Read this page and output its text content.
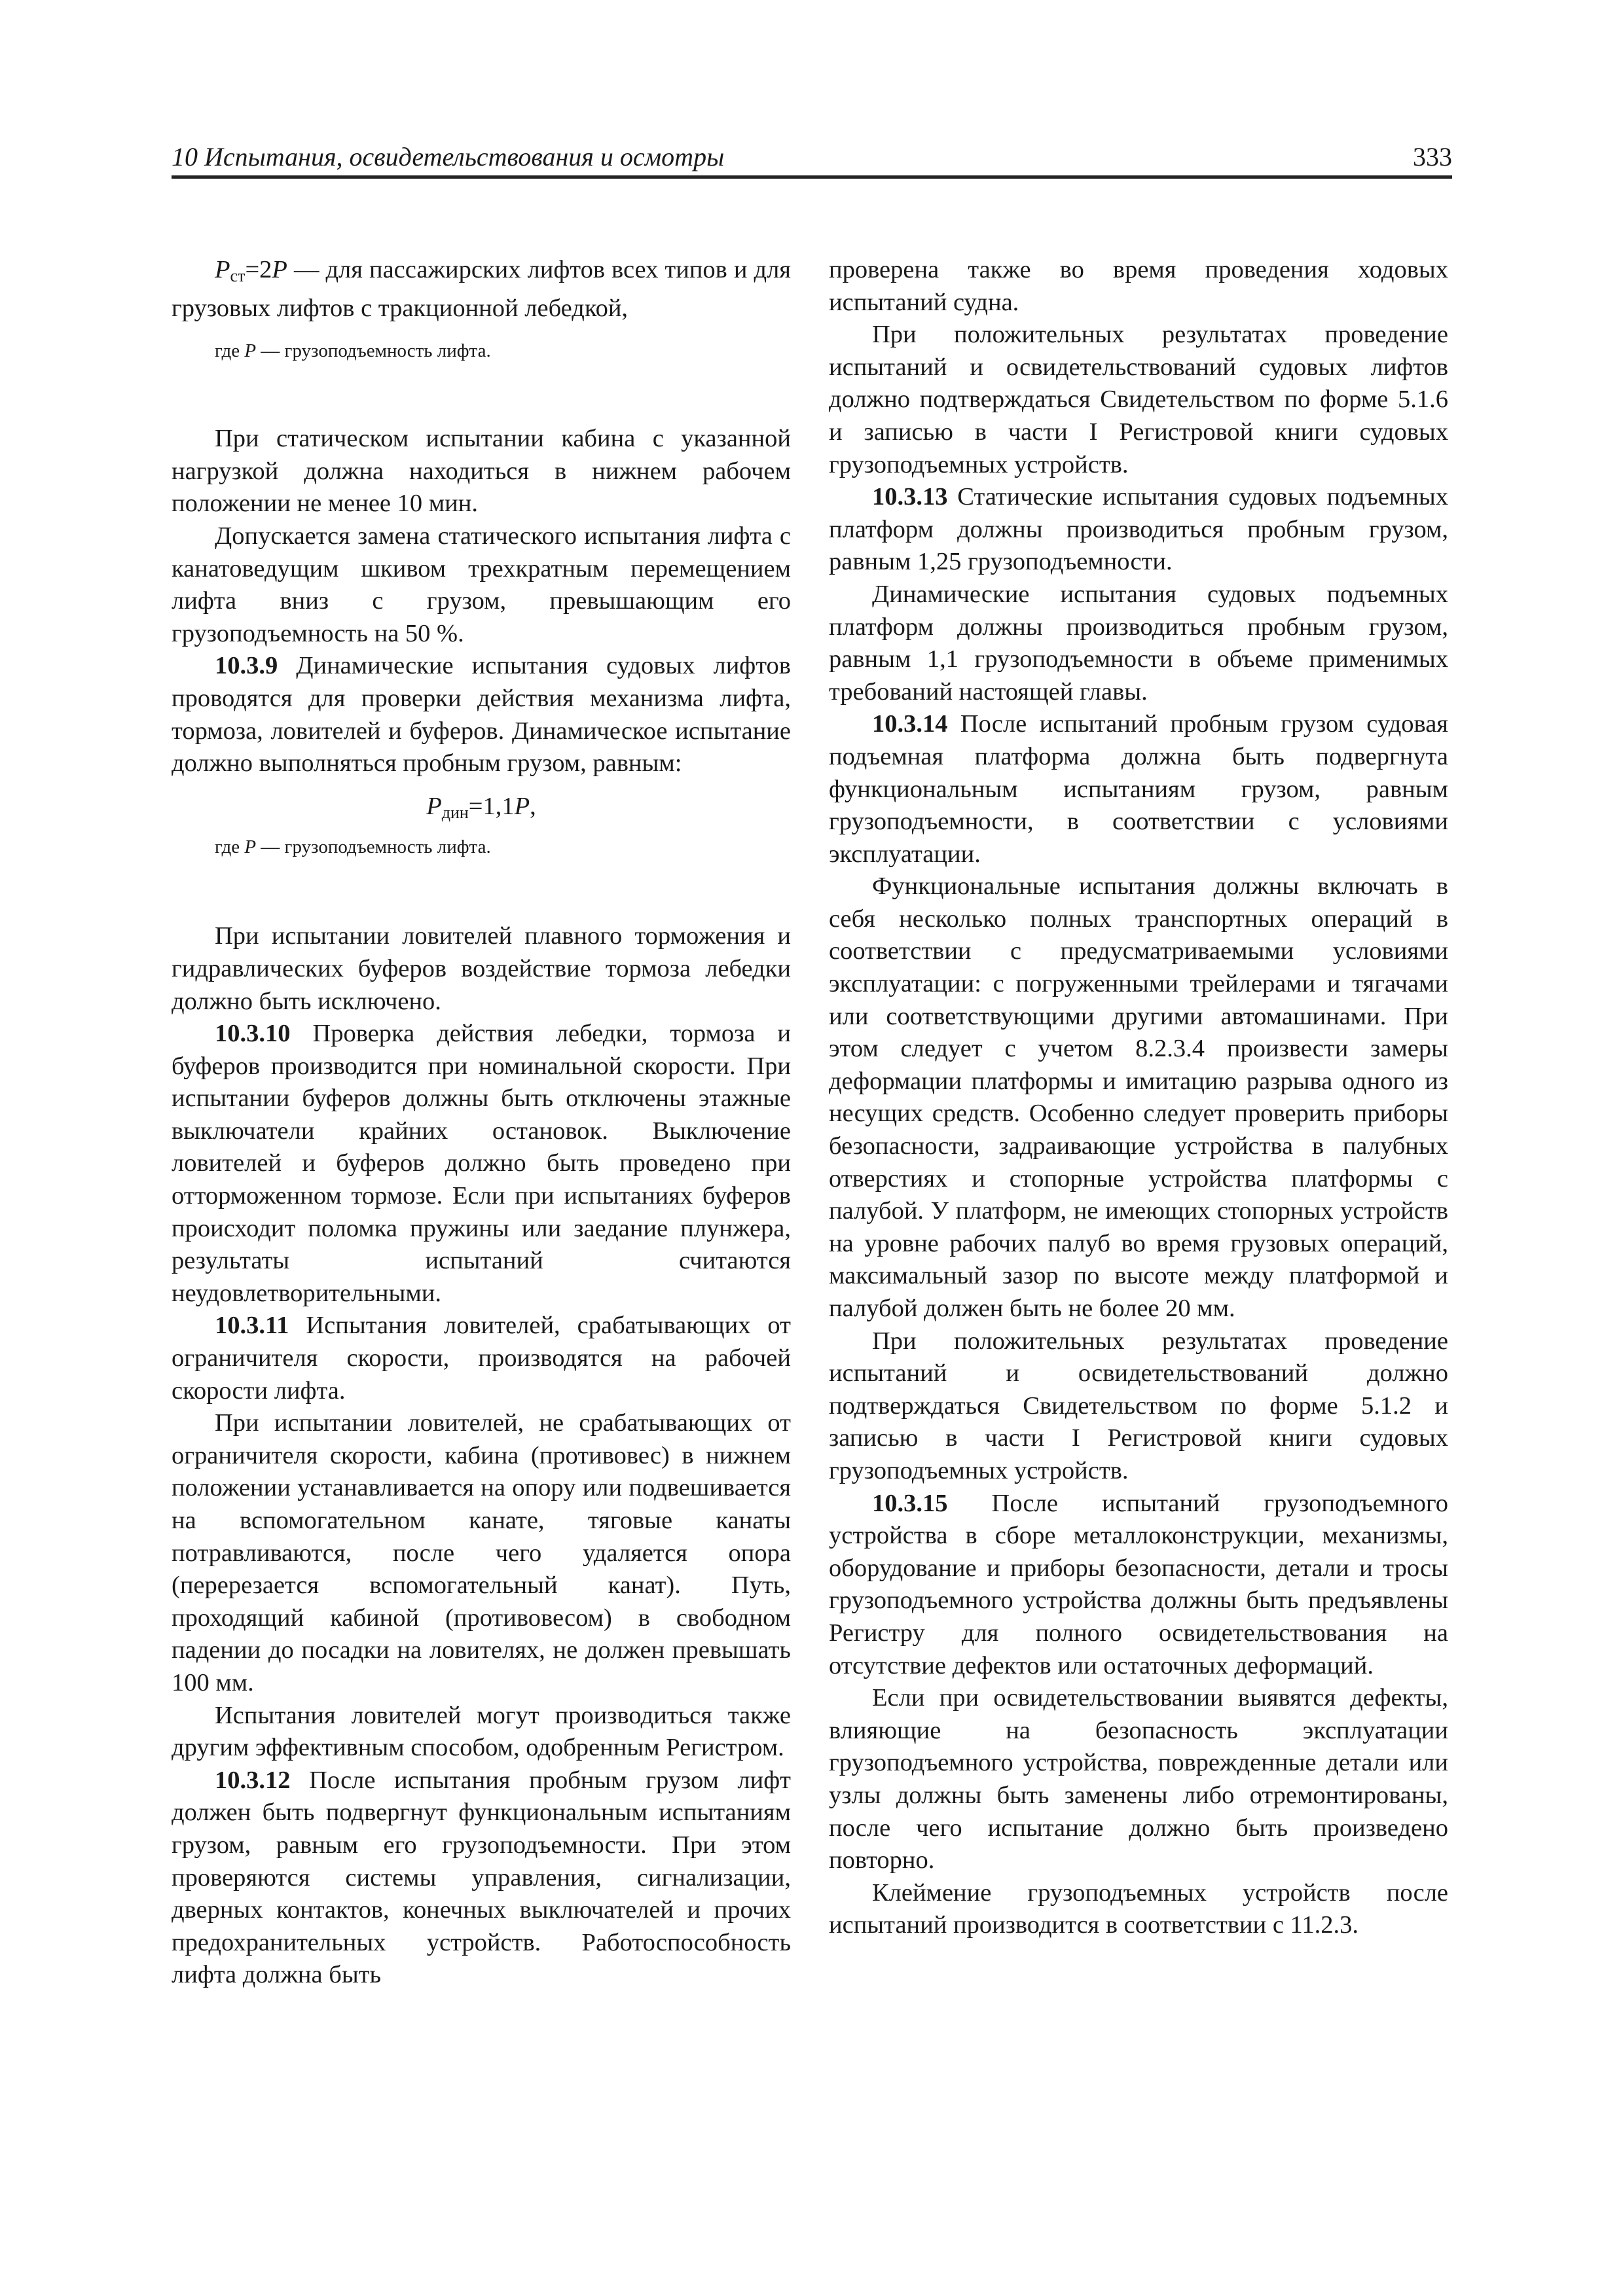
10 Испытания, освидетельствования и осмотры	333

$P_{ст}=2P$ — для пассажирских лифтов всех типов и для грузовых лифтов с тракционной лебедкой,

где P — грузоподъемность лифта.

При статическом испытании кабина с указанной нагрузкой должна находиться в нижнем рабочем положении не менее 10 мин.

Допускается замена статического испытания лифта с канатоведущим шкивом трехкратным перемещением лифта вниз с грузом, превышающим его грузоподъемность на 50 %.

10.3.9 Динамические испытания судовых лифтов проводятся для проверки действия механизма лифта, тормоза, ловителей и буферов. Динамическое испытание должно выполняться пробным грузом, равным:

$P_{дин}=1,1P$,

где P — грузоподъемность лифта.

При испытании ловителей плавного торможения и гидравлических буферов воздействие тормоза лебедки должно быть исключено.

10.3.10 Проверка действия лебедки, тормоза и буферов производится при номинальной скорости. При испытании буферов должны быть отключены этажные выключатели крайних остановок. Выключение ловителей и буферов должно быть проведено при отторможенном тормозе. Если при испытаниях буферов происходит поломка пружины или заедание плунжера, результаты испытаний считаются неудовлетворительными.

10.3.11 Испытания ловителей, срабатывающих от ограничителя скорости, производятся на рабочей скорости лифта.

При испытании ловителей, не срабатывающих от ограничителя скорости, кабина (противовес) в нижнем положении устанавливается на опору или подвешивается на вспомогательном канате, тяговые канаты потравливаются, после чего удаляется опора (перерезается вспомогательный канат). Путь, проходящий кабиной (противовесом) в свободном падении до посадки на ловителях, не должен превышать 100 мм.

Испытания ловителей могут производиться также другим эффективным способом, одобренным Регистром.

10.3.12 После испытания пробным грузом лифт должен быть подвергнут функциональным испытаниям грузом, равным его грузоподъемности. При этом проверяются системы управления, сигнализации, дверных контактов, конечных выключателей и прочих предохранительных устройств. Работоспособность лифта должна быть

проверена также во время проведения ходовых испытаний судна.

При положительных результатах проведение испытаний и освидетельствований судовых лифтов должно подтверждаться Свидетельством по форме 5.1.6 и записью в части I Регистровой книги судовых грузоподъемных устройств.

10.3.13 Статические испытания судовых подъемных платформ должны производиться пробным грузом, равным 1,25 грузоподъемности.

Динамические испытания судовых подъемных платформ должны производиться пробным грузом, равным 1,1 грузоподъемности в объеме применимых требований настоящей главы.

10.3.14 После испытаний пробным грузом судовая подъемная платформа должна быть подвергнута функциональным испытаниям грузом, равным грузоподъемности, в соответствии с условиями эксплуатации.

Функциональные испытания должны включать в себя несколько полных транспортных операций в соответствии с предусматриваемыми условиями эксплуатации: с погруженными трейлерами и тягачами или соответствующими другими автомашинами. При этом следует с учетом 8.2.3.4 произвести замеры деформации платформы и имитацию разрыва одного из несущих средств. Особенно следует проверить приборы безопасности, задраивающие устройства в палубных отверстиях и стопорные устройства платформы с палубой. У платформ, не имеющих стопорных устройств на уровне рабочих палуб во время грузовых операций, максимальный зазор по высоте между платформой и палубой должен быть не более 20 мм.

При положительных результатах проведение испытаний и освидетельствований должно подтверждаться Свидетельством по форме 5.1.2 и записью в части I Регистровой книги судовых грузоподъемных устройств.

10.3.15 После испытаний грузоподъемного устройства в сборе металлоконструкции, механизмы, оборудование и приборы безопасности, детали и тросы грузоподъемного устройства должны быть предъявлены Регистру для полного освидетельствования на отсутствие дефектов или остаточных деформаций.

Если при освидетельствовании выявятся дефекты, влияющие на безопасность эксплуатации грузоподъемного устройства, поврежденные детали или узлы должны быть заменены либо отремонтированы, после чего испытание должно быть произведено повторно.

Клеймение грузоподъемных устройств после испытаний производится в соответствии с 11.2.3.
